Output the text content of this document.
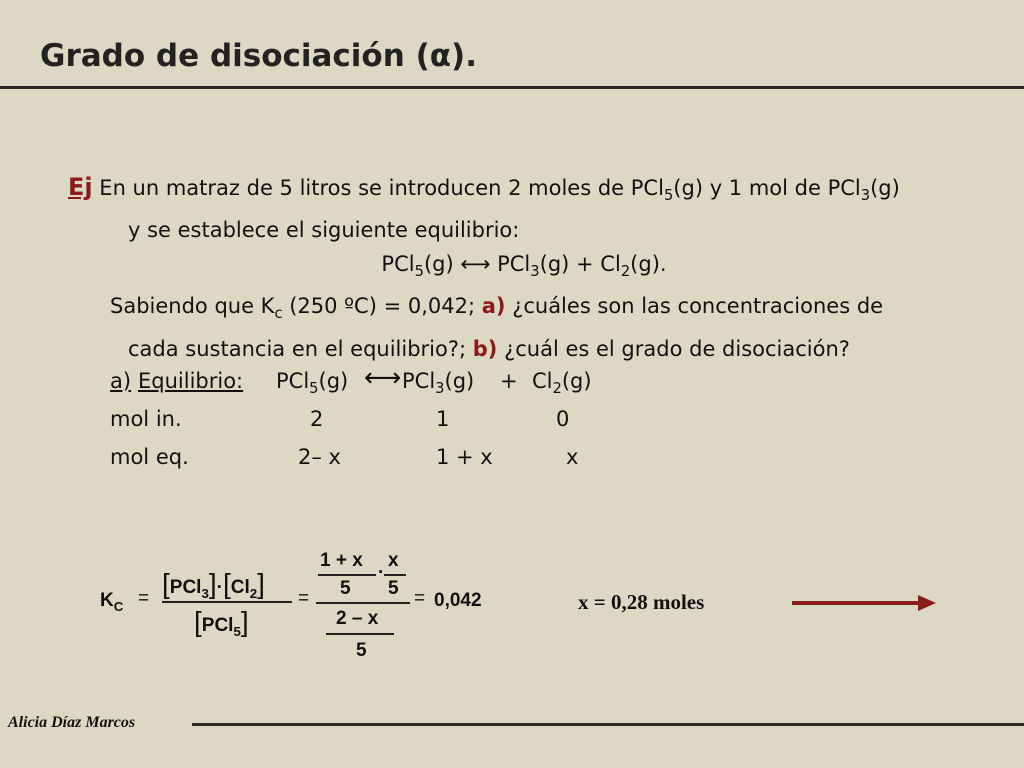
Grado de disociación (α).
Ej En un matraz de 5 litros se introducen 2 moles de PCl$_5$(g) y 1 mol de PCl$_3$(g)
y se establece el siguiente equilibrio:
PCl$_5$(g) ⟷ $PCl_3(g) + Cl_2(g)$.
Sabiendo que $K_c$ (250 ºC) = 0,042; a) ¿cuáles son las concentraciones de
cada sustancia en el equilibrio?; b) ¿cuál es el grado de disociación?
a) Equilibrio: PCl$_5$(g) ⟷ $PCl_3(g) + Cl_2(g)$
mol in.	2	1	0
mol eq.	2– x	1 + x	x
$K_C = [PCl_3]\cdot[Cl_2]$
[PCl$_5$]
=
1 + x
5
·
x
5
2 – x
5
= 0,042	x = 0,28 moles
Alicia Díaz Marcos
